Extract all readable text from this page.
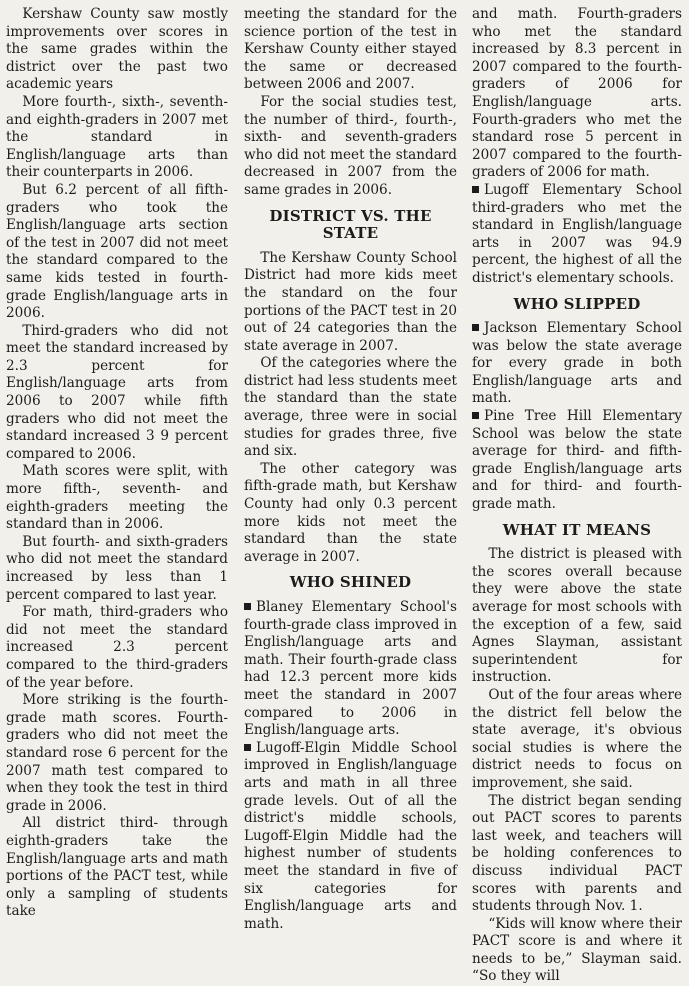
Kershaw County saw mostly improvements over scores in the same grades within the district over the past two academic years

More fourth-, sixth-, seventh- and eighth-graders in 2007 met the standard in English/language arts than their counterparts in 2006.

But 6.2 percent of all fifth-graders who took the English/language arts section of the test in 2007 did not meet the standard compared to the same kids tested in fourth-grade English/language arts in 2006.

Third-graders who did not meet the standard increased by 2.3 percent for English/language arts from 2006 to 2007 while fifth graders who did not meet the standard increased 3 9 percent compared to 2006.

Math scores were split, with more fifth-, seventh- and eighth-graders meeting the standard than in 2006.

But fourth- and sixth-graders who did not meet the standard increased by less than 1 percent compared to last year.

For math, third-graders who did not meet the standard increased 2.3 percent compared to the third-graders of the year before.

More striking is the fourth-grade math scores. Fourth-graders who did not meet the standard rose 6 percent for the 2007 math test compared to when they took the test in third grade in 2006.

All district third- through eighth-graders take the English/language arts and math portions of the PACT test, while only a sampling of students take

meeting the standard for the science portion of the test in Kershaw County either stayed the same or decreased between 2006 and 2007.

For the social studies test, the number of third-, fourth-, sixth- and seventh-graders who did not meet the standard decreased in 2007 from the same grades in 2006.

DISTRICT VS. THE STATE

The Kershaw County School District had more kids meet the standard on the four portions of the PACT test in 20 out of 24 categories than the state average in 2007.

Of the categories where the district had less students meet the standard than the state average, three were in social studies for grades three, five and six.

The other category was fifth-grade math, but Kershaw County had only 0.3 percent more kids not meet the standard than the state average in 2007.

WHO SHINED

Blaney Elementary School's fourth-grade class improved in English/language arts and math. Their fourth-grade class had 12.3 percent more kids meet the standard in 2007 compared to 2006 in English/language arts.

Lugoff-Elgin Middle School improved in English/language arts and math in all three grade levels. Out of all the district's middle schools, Lugoff-Elgin Middle had the highest number of students meet the standard in five of six categories for English/language arts and math.

and math. Fourth-graders who met the standard increased by 8.3 percent in 2007 compared to the fourth-graders of 2006 for English/language arts. Fourth-graders who met the standard rose 5 percent in 2007 compared to the fourth-graders of 2006 for math.

Lugoff Elementary School third-graders who met the standard in English/language arts in 2007 was 94.9 percent, the highest of all the district's elementary schools.

WHO SLIPPED

Jackson Elementary School was below the state average for every grade in both English/language arts and math.

Pine Tree Hill Elementary School was below the state average for third- and fifth-grade English/language arts and for third- and fourth-grade math.

WHAT IT MEANS

The district is pleased with the scores overall because they were above the state average for most schools with the exception of a few, said Agnes Slayman, assistant superintendent for instruction.

Out of the four areas where the district fell below the state average, it's obvious social studies is where the district needs to focus on improvement, she said.

The district began sending out PACT scores to parents last week, and teachers will be holding conferences to discuss individual PACT scores with parents and students through Nov. 1.

“Kids will know where their PACT score is and where it needs to be,” Slayman said. “So they will
